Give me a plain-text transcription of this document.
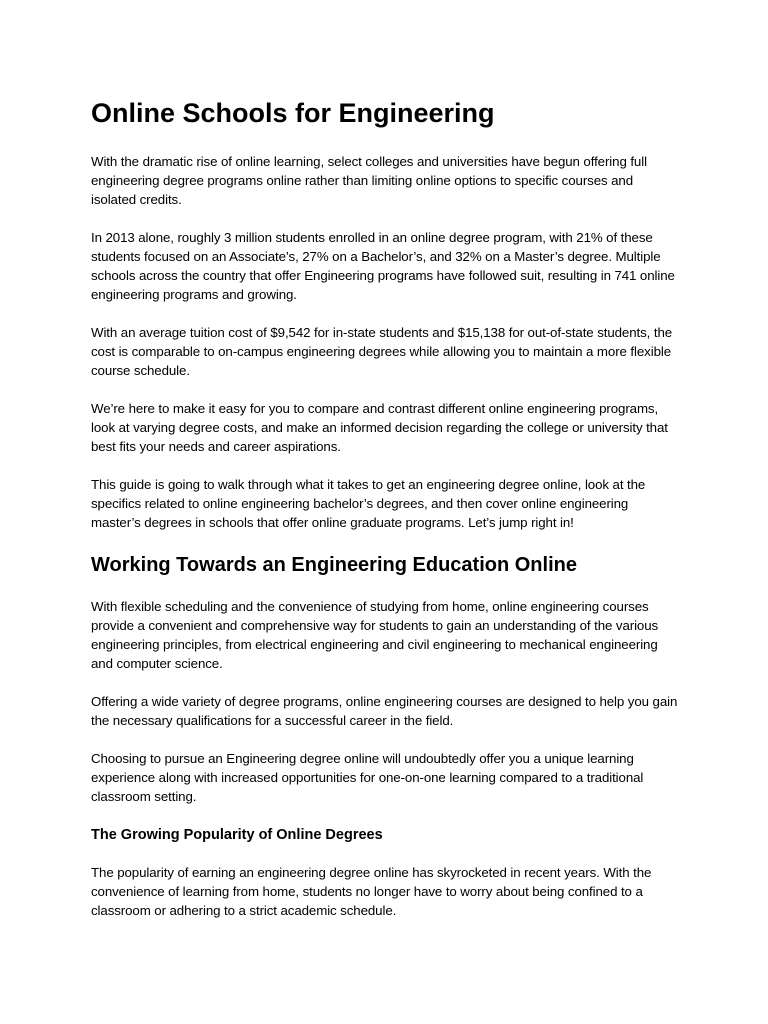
Online Schools for Engineering

With the dramatic rise of online learning, select colleges and universities have begun offering full engineering degree programs online rather than limiting online options to specific courses and isolated credits.

In 2013 alone, roughly 3 million students enrolled in an online degree program, with 21% of these students focused on an Associate’s, 27% on a Bachelor’s, and 32% on a Master’s degree. Multiple schools across the country that offer Engineering programs have followed suit, resulting in 741 online engineering programs and growing.

With an average tuition cost of $9,542 for in-state students and $15,138 for out-of-state students, the cost is comparable to on-campus engineering degrees while allowing you to maintain a more flexible course schedule.

We’re here to make it easy for you to compare and contrast different online engineering programs, look at varying degree costs, and make an informed decision regarding the college or university that best fits your needs and career aspirations.

This guide is going to walk through what it takes to get an engineering degree online, look at the specifics related to online engineering bachelor’s degrees, and then cover online engineering master’s degrees in schools that offer online graduate programs. Let’s jump right in!

Working Towards an Engineering Education Online

With flexible scheduling and the convenience of studying from home, online engineering courses provide a convenient and comprehensive way for students to gain an understanding of the various engineering principles, from electrical engineering and civil engineering to mechanical engineering and computer science.

Offering a wide variety of degree programs, online engineering courses are designed to help you gain the necessary qualifications for a successful career in the field.

Choosing to pursue an Engineering degree online will undoubtedly offer you a unique learning experience along with increased opportunities for one-on-one learning compared to a traditional classroom setting.

The Growing Popularity of Online Degrees

The popularity of earning an engineering degree online has skyrocketed in recent years. With the convenience of learning from home, students no longer have to worry about being confined to a classroom or adhering to a strict academic schedule.
